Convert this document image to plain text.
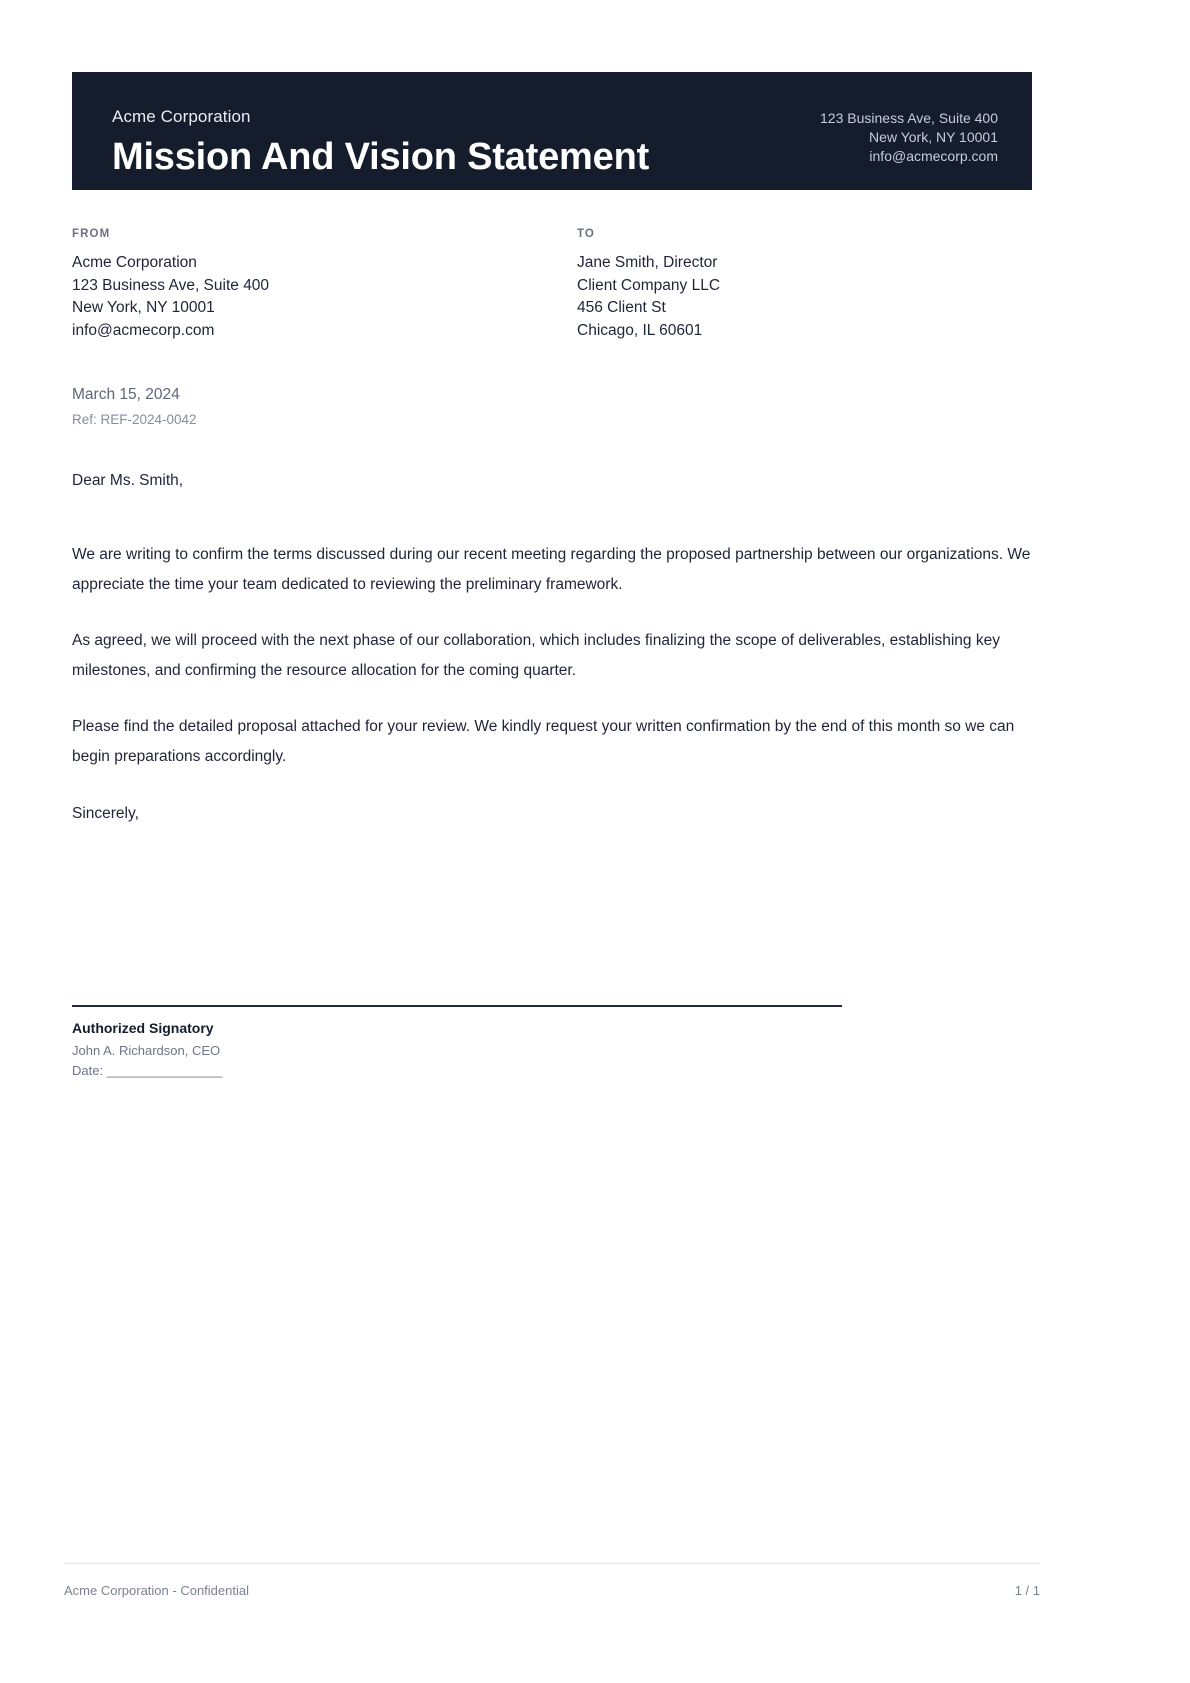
Acme Corporation
Mission And Vision Statement
123 Business Ave, Suite 400
New York, NY 10001
info@acmecorp.com
FROM
Acme Corporation
123 Business Ave, Suite 400
New York, NY 10001
info@acmecorp.com
TO
Jane Smith, Director
Client Company LLC
456 Client St
Chicago, IL 60601
March 15, 2024
Ref: REF-2024-0042
Dear Ms. Smith,

We are writing to confirm the terms discussed during our recent meeting regarding the proposed partnership between our organizations. We appreciate the time your team dedicated to reviewing the preliminary framework.

As agreed, we will proceed with the next phase of our collaboration, which includes finalizing the scope of deliverables, establishing key milestones, and confirming the resource allocation for the coming quarter.

Please find the detailed proposal attached for your review. We kindly request your written confirmation by the end of this month so we can begin preparations accordingly.

Sincerely,
Authorized Signatory
John A. Richardson, CEO
Date: ________________
Acme Corporation - Confidential	1 / 1
